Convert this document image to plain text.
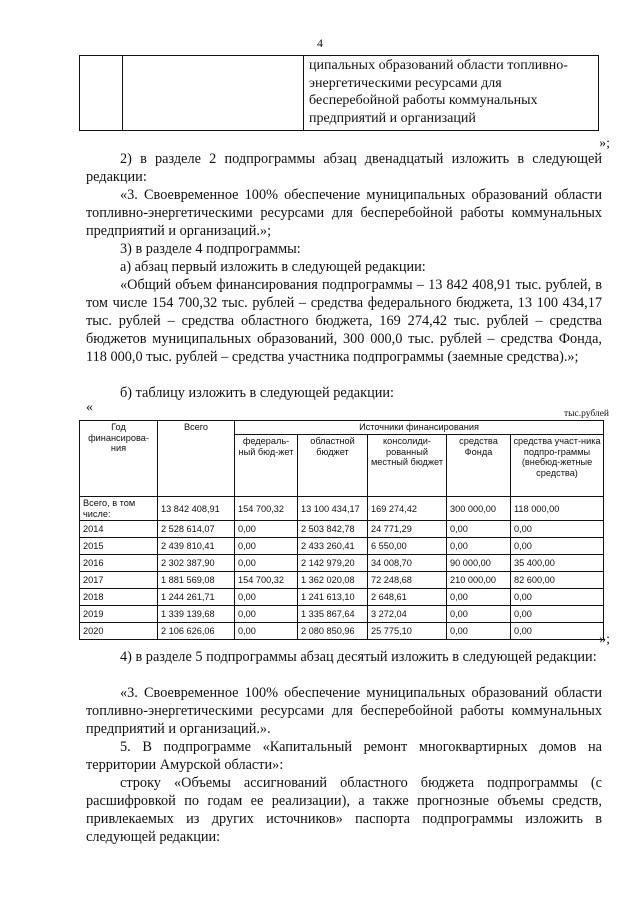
4
		ципальных образований области топливно-энергетическими ресурсами для бесперебойной работы коммунальных предприятий и организаций
»;

2) в разделе 2 подпрограммы абзац двенадцатый изложить в следующей редакции:

«3. Своевременное 100% обеспечение муниципальных образований области топливно-энергетическими ресурсами для бесперебойной работы коммунальных предприятий и организаций.»;

3) в разделе 4 подпрограммы:

а) абзац первый изложить в следующей редакции:

«Общий объем финансирования подпрограммы – 13 842 408,91 тыс. рублей, в том числе 154 700,32 тыс. рублей – средства федерального бюджета, 13 100 434,17 тыс. рублей – средства областного бюджета, 169 274,42 тыс. рублей – средства бюджетов муниципальных образований, 300 000,0 тыс. рублей – средства Фонда, 118 000,0 тыс. рублей – средства участника подпрограммы (заемные средства).»;

б) таблицу изложить в следующей редакции:

«	тыс.рублей
Год финансирова-ния	Всего	Источники финансирования				
		федераль-ный бюд-жет	областной бюджет	консолиди-рованный местный бюджет	средства Фонда	средства участ-ника подпро-граммы (внебюд-жетные средства)
Всего, в том числе:	13 842 408,91	154 700,32	13 100 434,17	169 274,42	300 000,00	118 000,00
2014	2 528 614,07	0,00	2 503 842,78	24 771,29	0,00	0,00
2015	2 439 810,41	0,00	2 433 260,41	6 550,00	0,00	0,00
2016	2 302 387,90	0,00	2 142 979,20	34 008,70	90 000,00	35 400,00
2017	1 881 569,08	154 700,32	1 362 020,08	72 248,68	210 000,00	82 600,00
2018	1 244 261,71	0,00	1 241 613,10	2 648,61	0,00	0,00
2019	1 339 139,68	0,00	1 335 867,64	3 272,04	0,00	0,00
2020	2 106 626,06	0,00	2 080 850,96	25 775,10	0,00	0,00
»;

4) в разделе 5 подпрограммы абзац десятый изложить в следующей редакции:

«3. Своевременное 100% обеспечение муниципальных образований области топливно-энергетическими ресурсами для бесперебойной работы коммунальных предприятий и организаций.».

5. В подпрограмме «Капитальный ремонт многоквартирных домов на территории Амурской области»:

строку «Объемы ассигнований областного бюджета подпрограммы (с расшифровкой по годам ее реализации), а также прогнозные объемы средств, привлекаемых из других источников» паспорта подпрограммы изложить в следующей редакции:
